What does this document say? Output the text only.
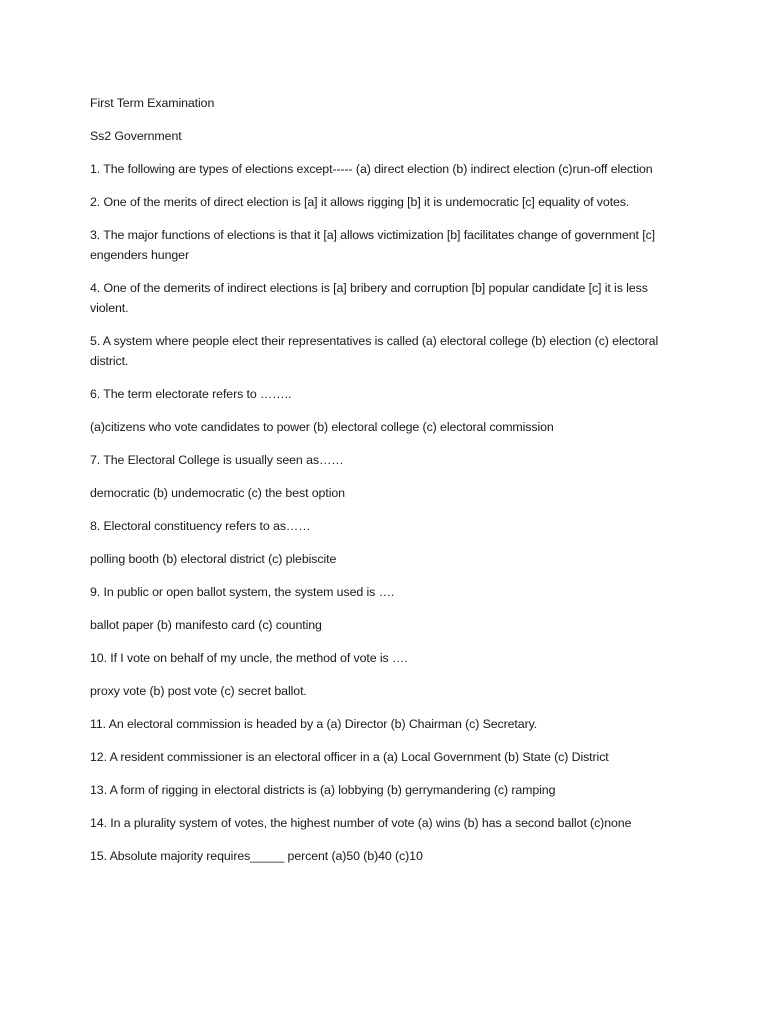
First Term Examination

Ss2 Government

1. The following are types of elections except----- (a) direct election (b) indirect election (c)run-off election

2. One of the merits of direct election is [a] it allows rigging [b] it is undemocratic [c] equality of votes.

3. The major functions of elections is that it [a] allows victimization [b] facilitates change of government [c] engenders hunger

4. One of the demerits of indirect elections is [a] bribery and corruption [b] popular candidate [c] it is less violent.

5. A system where people elect their representatives is called (a) electoral college (b) election (c) electoral district.

6. The term electorate refers to ……..

(a)citizens who vote candidates to power (b) electoral college (c) electoral commission

7. The Electoral College is usually seen as……

democratic (b) undemocratic (c) the best option

8. Electoral constituency refers to as……

polling booth (b) electoral district (c) plebiscite

9. In public or open ballot system, the system used is ….

ballot paper (b) manifesto card (c) counting

10. If I vote on behalf of my uncle, the method of vote is ….

proxy vote (b) post vote (c) secret ballot.

11. An electoral commission is headed by a (a) Director (b) Chairman (c) Secretary.

12. A resident commissioner is an electoral officer in a (a) Local Government (b) State (c) District

13. A form of rigging in electoral districts is (a) lobbying (b) gerrymandering (c) ramping

14. In a plurality system of votes, the highest number of vote (a) wins (b) has a second ballot (c)none

15. Absolute majority requires_____ percent (a)50 (b)40 (c)10
